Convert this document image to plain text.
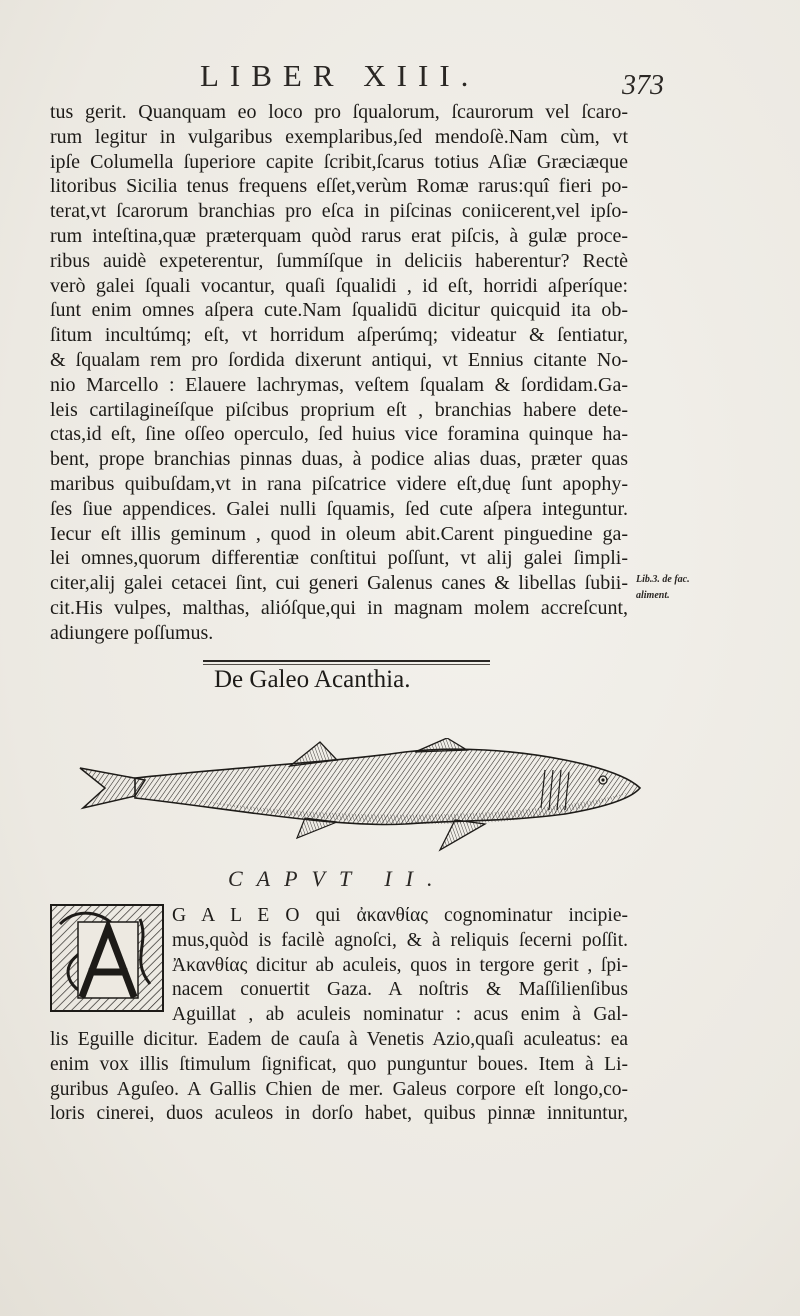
LIBER XIII.	373
tus gerit. Quanquam eo loco pro ſqualorum, ſcaurorum vel ſcaro-
rum legitur in vulgaribus exemplaribus,ſed mendoſè.Nam cùm, vt
ipſe Columella ſuperiore capite ſcribit,ſcarus totius Aſiæ Græciæque
litoribus Siciliа tenus frequens eſſet,verùm Romæ rarus:quî fieri po-
terat,vt ſcarorum branchias pro eſca in piſcinas coniicerent,vel ipſo-
rum inteſtina,quæ præterquam quòd rarus erat piſcis, à gulæ proce-
ribus auidè expeterentur, ſummíſque in deliciis haberentur? Rectè
verò galei ſquali vocantur, quaſi ſqualidi , id eſt, horridi aſperíque:
ſunt enim omnes aſpera cute.Nam ſqualidū dicitur quicquid ita ob-
ſitum incultúmq; eſt, vt horridum aſperúmq; videatur & ſentiatur,
& ſqualam rem pro ſordida dixerunt antiqui, vt Ennius citante No-
nio Marcello : Elauere lachrymas, veſtem ſqualam & ſordidam.Ga-
leis cartilagineíſque piſcibus proprium eſt , branchias habere dete-
ctas,id eſt, ſine oſſeo operculo, ſed huius vice foramina quinque ha-
bent, prope branchias pinnas duas, à podice alias duas, præter quas
maribus quibuſdam,vt in rana piſcatrice videre eſt,duę ſunt apophy-
ſes ſiue appendices. Galei nulli ſquamis, ſed cute aſpera integuntur.
Iecur eſt illis geminum , quod in oleum abit.Carent pinguedine ga-
lei omnes,quorum differentiæ conſtitui poſſunt, vt alij galei ſimpli-
citer,alij galei cetacei ſint, cui generi Galenus canes & libellas ſubii-
cit.His vulpes, malthas, alióſque,qui in magnam molem accreſcunt,
adiungere poſſumus.
Lib.3. de fac.
aliment.
De Galeo Acanthia.
CAPVT II.
G A L E O qui ἀκανθίας cognominatur incipie-
mus,quòd is facilè agnoſci, & à reliquis ſecerni poſſit.
Ἀκανθίας dicitur ab aculeis, quos in tergore gerit , ſpi-
nacem conuertit Gaza. A noſtris & Maſſilienſibus
Aguillat , ab aculeis nominatur : acus enim à Gal-
lis Eguille dicitur. Eadem de cauſa à Venetis Azio,quaſi aculeatus: ea
enim vox illis ſtimulum ſignificat, quo punguntur boues. Item à Li-
guribus Aguſeo. A Gallis Chien de mer. Galeus corpore eſt longo,co-
loris cinerei, duos aculeos in dorſo habet, quibus pinnæ innituntur,
